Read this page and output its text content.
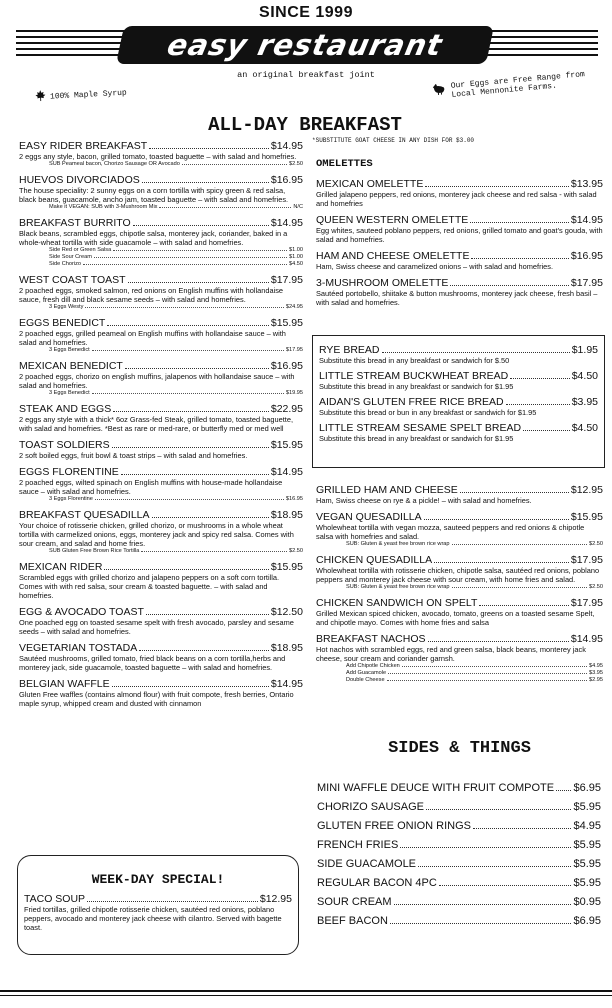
SINCE 1999
easy restaurant
an original breakfast joint
100% Maple Syrup
Our Eggs are Free Range from Local Mennonite Farms.
ALL-DAY BREAKFAST
*SUBSTITUTE GOAT CHEESE IN ANY DISH FOR $3.00
EASY RIDER BREAKFAST	$14.95
2 eggs any style, bacon, grilled tomato, toasted baguette – with salad and homefries.
SUB Peameal bacon, Chorizo Sausage OR Avocado	$2.50
HUEVOS DIVORCIADOS	$16.95
The house speciality: 2 sunny eggs on a corn tortilla with spicy green & red salsa, black beans, guacamole, ancho jam, toasted baguette – with salad and homefries.
Make it VEGAN: SUB with 3-Mushroom Mix	N/C
BREAKFAST BURRITO	$14.95
Black beans, scrambled eggs, chipotle salsa, monterey jack, coriander, baked in a whole-wheat tortilla with side guacamole – with salad and homefries.
Side Red or Green Salsa	$1.00
Side Sour Cream	$1.00
Side Chorizo	$4.50
WEST COAST TOAST	$17.95
2 poached eggs, smoked salmon, red onions on English muffins with hollandaise sauce, fresh dill and black sesame seeds – with salad and homefries.
3 Eggs Westy	$24.95
EGGS BENEDICT	$15.95
2 poached eggs, grilled peameal on English muffins with hollandaise sauce – with salad and homefries.
3 Eggs Benedict	$17.95
MEXICAN BENEDICT	$16.95
2 poached eggs, chorizo on english muffins, jalapenos with hollandaise sauce – with salad and homefries.
3 Eggs Benedict	$19.95
STEAK AND EGGS	$22.95
2 eggs any style with a thick* 6oz Grass-fed Steak, grilled tomato, toasted baguette, with salad and homefries. *Best as rare or med-rare, or butterfly med or med well
TOAST SOLDIERS	$15.95
2 soft boiled eggs, fruit bowl & toast strips – with salad and homefries.
EGGS FLORENTINE	$14.95
2 poached eggs, wilted spinach on English muffins with house-made hollandaise sauce – with salad and homefries.
3 Eggs Florentine	$16.95
BREAKFAST QUESADILLA	$18.95
Your choice of rotisserie chicken, grilled chorizo, or mushrooms in a whole wheat tortilla with carmelized onions, eggs, monterey jack and spicy red salsa. Comes with sour cream, and salad and home fries.
SUB Gluten Free Brown Rice Tortilla	$2.50
MEXICAN RIDER	$15.95
Scrambled eggs with grilled chorizo and jalapeno peppers on a soft corn tortilla. Comes with with red salsa, sour cream & toasted baguette. – with salad and homefries.
EGG & AVOCADO TOAST	$12.50
One poached egg on toasted sesame spelt with fresh avocado, parsley and sesame seeds – with salad and homefries.
VEGETARIAN TOSTADA	$18.95
Sautéed mushrooms, grilled tomato, fried black beans on a corn tortilla,herbs and monterey jack, side guacamole, toasted baguette – with salad and homefries.
BELGIAN WAFFLE	$14.95
Gluten Free waffles (contains almond flour) with fruit compote, fresh berries, Ontario maple syrup, whipped cream and dusted with cinnamon
OMELETTES
MEXICAN OMELETTE	$13.95
Grilled jalapeno peppers, red onions, monterey jack cheese and red salsa - with salad and homefries
QUEEN WESTERN OMELETTE	$14.95
Egg whites, sauteed poblano peppers, red onions, grilled tomato and goat's gouda, with salad and homefries.
HAM AND CHEESE OMELETTE	$16.95
Ham, Swiss cheese and caramelized onions – with salad and homefries.
3-MUSHROOM OMELETTE	$17.95
Sautéed portobello, shiitake & button mushrooms, monterey jack cheese, fresh basil – with salad and homefries.
RYE BREAD	$1.95
Substitute this bread in any breakfast or sandwich for $.50
LITTLE STREAM BUCKWHEAT BREAD	$4.50
Substitute this bread in any breakfast or sandwich for $1.95
AIDAN'S GLUTEN FREE RICE BREAD	$3.95
Substitute this bread or bun in any breakfast or sandwich for $1.95
LITTLE STREAM SESAME SPELT BREAD	$4.50
Substitute this bread in any breakfast or sandwich for $1.95
GRILLED HAM AND CHEESE	$12.95
Ham, Swiss cheese on rye & a pickle! – with salad and homefries.
VEGAN QUESADILLA	$15.95
Wholewheat tortilla with vegan mozza, sauteed peppers and red onions & chipotle salsa with homefries and salad.
SUB: Gluten & yeast free brown rice wrap	$2.50
CHICKEN QUESADILLA	$17.95
Wholewheat tortilla with rotisserie chicken, chipotle salsa, sautéed red onions, poblano peppers and monterey jack cheese with sour cream, with home fries and salad.
SUB: Gluten & yeast free brown rice wrap	$2.50
CHICKEN SANDWICH ON SPELT	$17.95
Grilled Mexican spiced chicken, avocado, tomato, greens on a toasted sesame Spelt, and chipotle mayo. Comes with home fries and salsa
BREAKFAST NACHOS	$14.95
Hot nachos with scrambled eggs, red and green salsa, black beans, monterey jack cheese, sour cream and coriander garnsh.
Add Chipotle Chicken	$4.95
Add Guacamole	$3.95
Double Cheese	$2.95
WEEK-DAY SPECIAL!
TACO SOUP	$12.95
Fried tortillas, grilled chipotle rotisserie chicken, sautéed red onions, poblano peppers, avocado and monterey jack cheese with cilantro. Served with bagette toast.
SIDES & THINGS
MINI WAFFLE DEUCE WITH FRUIT COMPOTE $6.95
CHORIZO SAUSAGE	$5.95
GLUTEN FREE ONION RINGS	$4.95
FRENCH FRIES	$5.95
SIDE GUACAMOLE	$5.95
REGULAR BACON 4PC	$5.95
SOUR CREAM	$0.95
BEEF BACON	$6.95
